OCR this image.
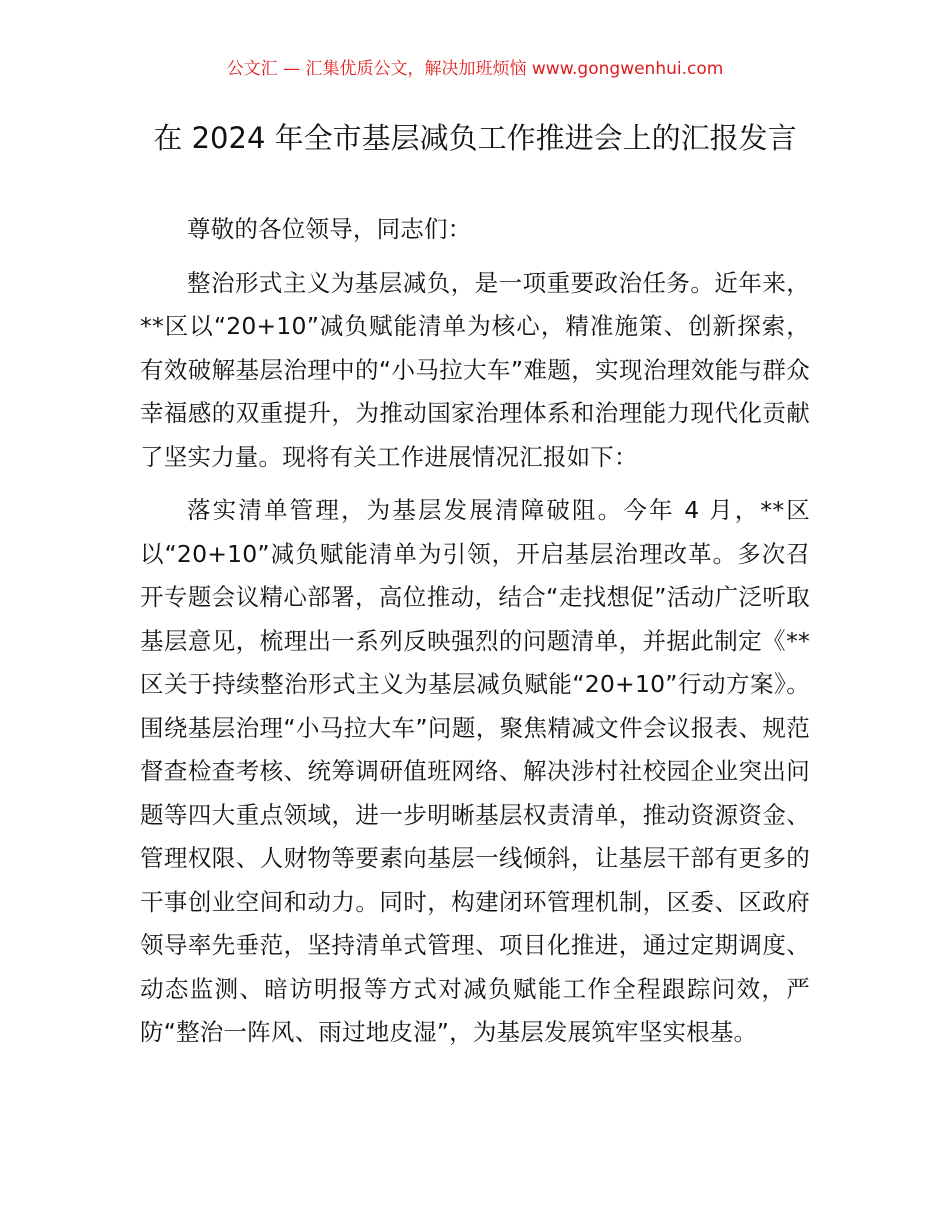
公文汇 — 汇集优质公文，解决加班烦恼 www.gongwenhui.com
在 2024 年全市基层减负工作推进会上的汇报发言

尊敬的各位领导，同志们：

整治形式主义为基层减负，是一项重要政治任务。近年来，**区以“20+10”减负赋能清单为核心，精准施策、创新探索，有效破解基层治理中的“小马拉大车”难题，实现治理效能与群众幸福感的双重提升，为推动国家治理体系和治理能力现代化贡献了坚实力量。现将有关工作进展情况汇报如下：

落实清单管理，为基层发展清障破阻。今年 4 月，**区以“20+10”减负赋能清单为引领，开启基层治理改革。多次召开专题会议精心部署，高位推动，结合“走找想促”活动广泛听取基层意见，梳理出一系列反映强烈的问题清单，并据此制定《**区关于持续整治形式主义为基层减负赋能“20+10”行动方案》。围绕基层治理“小马拉大车”问题，聚焦精减文件会议报表、规范督查检查考核、统筹调研值班网络、解决涉村社校园企业突出问题等四大重点领域，进一步明晰基层权责清单，推动资源资金、管理权限、人财物等要素向基层一线倾斜，让基层干部有更多的干事创业空间和动力。同时，构建闭环管理机制，区委、区政府领导率先垂范，坚持清单式管理、项目化推进，通过定期调度、动态监测、暗访明报等方式对减负赋能工作全程跟踪问效，严防“整治一阵风、雨过地皮湿”，为基层发展筑牢坚实根基。
